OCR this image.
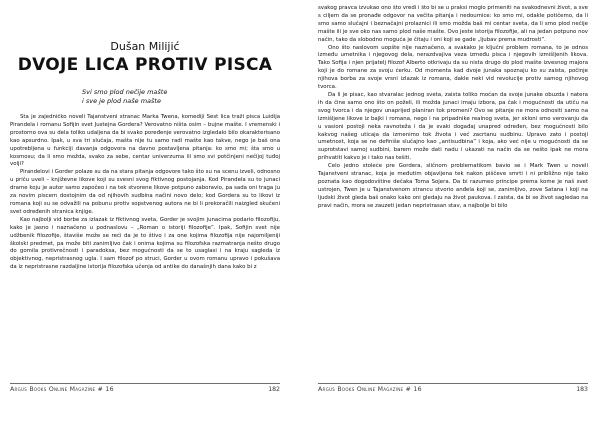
Dušan Milijić
DVOJE LICA PROTIV PISCA
Svi smo plod nečije mašte
i sve je plod naše mašte

Šta je zajedničko noveli Tajanstveni stranac Marka Twena, komediji Šest lica traži pisca Luidija Pirandela i romanu Sofijin svet Justejna Gordera? Verovatno ništa osim – bujne mašte. I vremenski i prostorno ova su dela toliko udaljena da bi svako poređenje verovatno izgledalo bilo okarakterisano kao apsurdno. Ipak, u sva tri slučaja, mašta nije tu samo radi mašte kao takve, nego je baš ona upotrebljena u funkciji davanja odgovora na davno postavljena pitanja: ko smo mi; šta smo u kosmosu; da li smo možda, svako za sebe, centar univerzuma ili smo svi potčinjeni nečijoj tuđoj volji?

Pirandelovi i Gorder polaze su da na stara pitanja odgovore tako što su na scenu izveli, odnosno u priču uveli – književne likove koji su svesni svog fiktivnog postojanja. Kod Pirandela su to junaci drame koju je autor samo započeo i na tek stvorene likove potpuno zaboravio, pa sada oni traga ju za novim piscem dostojnim da od njihovih sudbina načini novo delo; kod Gordera su to likovi iz romana koji su se odvažili na pobunu protiv sopstvenog autora ne bi li prekoračili naizgled skučeni svet određenih stranica knjige.

Kao najbolji vid borbe za izlazak iz fiktivnog sveta, Gorder je svojim junacima podario filozofiju, kako je jasno i naznačeno u podnaslovu – „Roman o istoriji filozofije”. Ipak, Sofijin svet nije udžbenik filozofije, štaviše može se reći da je to štivo i za one kojima filozofija nije najomiljeniji školski predmet, pa može biti zanimljivo čak i onima kojima su filozofska razmatranja nešto drugo do gomila protivrečnosti i paradoksa, bez mogućnosti da se to usaglasi i na kraju sagleda iz objektivnog, nepristrasnog ugla. I sam filozof po struci, Gorder u ovom romanu upravo i pokušava da iz nepristrasne razdaljine istorija filozofska učenja od antike do današnjih dana kako bi z

Argus Books Online Magazine # 16	182

svakog pravca izvukao ono što vredi i što bi se u praksi moglo primeniti na svakodnevni život, a sve s ciljem da se pronađe odgovor na večita pitanja i nedoumice: ko smo mi, odakle potičemo, da li smo samo slučajni i beznačajni prolaznici ili smo možda baš mi centar sveta, da li smo plod nečije mašte ili je sve oko nas samo plod naše mašte. Ovo jeste istorija filozofije, ali na jedan potpuno nov način, tako da slobodno moguća je čitaju i oni koji se gade „ljubav prema mudrosti”.

Ono što naslovom uopšte nije naznačeno, a svakako je ključni problem romana, to je odnos između umetnika i njegovog dela, nerazdvajiva veza između pisca i njegovih izmišljenih likova. Tako Sofija i njen prijatelj filozof Alberto otkrivaju da su nista drugo do plod mašte izvesnog majora koji je do romane za svoju ćerku. Od momenta kad dvoje junaka spoznaju ko su zaista, počinje njihova borba za svoje vrsni izlazak iz romana, dakle neki vid revolucije protiv samog njihovog tvorca.

Da li je pisac, kao stvaralac jednog sveta, zaista toliko moćan da svoje junake obuzda i natera ih da čine samo ono što on poželi, ili možda junaci imaju izbora, pa čak i mogućnosti da utiču na svog tvorca i da njegov unaprijed planiran tok promeni? Ovo se pitanje ne mora odnositi samo na izmišljene likove iz bajki i romana, nego i na pripadnike realnog sveta, jer skloni smo verovanju da u vasioni postoji neka ravnoteža i da je svaki događaj unapred određen, bez mogućnosti bilo kakvog našeg uticaja da izmenimo tok života i već zacrtanu sudbinu. Upravo zato i postoji umetnost, koja se ne definiše slučajno kao „antisudbina” i koja, ako već nije u mogućnosti da se suprotstavi samoj sudbini, barem može dati nadu i ukazati na način da se nešto ipak ne mora prihvatiti kakvo je i tako nas tešiti.

Celo jedno stoleće pre Gordera, sličnom problematikom bavio se i Mark Twen u noveli Tajanstveni stranac, koja je međutim objavljena tek nakon piščeve smrti i ni približno nije tako poznata kao dogodovštine dečaka Toma Sojera. Da bi razumeo principe prema kome je naš svet ustrojen, Twen je u Tajanstvenom strancu stvorio anđela koji se, zanimljivo, zove Satana i koji na ljudski život gleda baš onako kako oni gledaju na život paukova. I zaista, da bi se život sagledao na pravi način, mora se zauzeti jedan nepristrasan stav, a najbolje bi bilo

Argus Books Online Magazine # 16	183
